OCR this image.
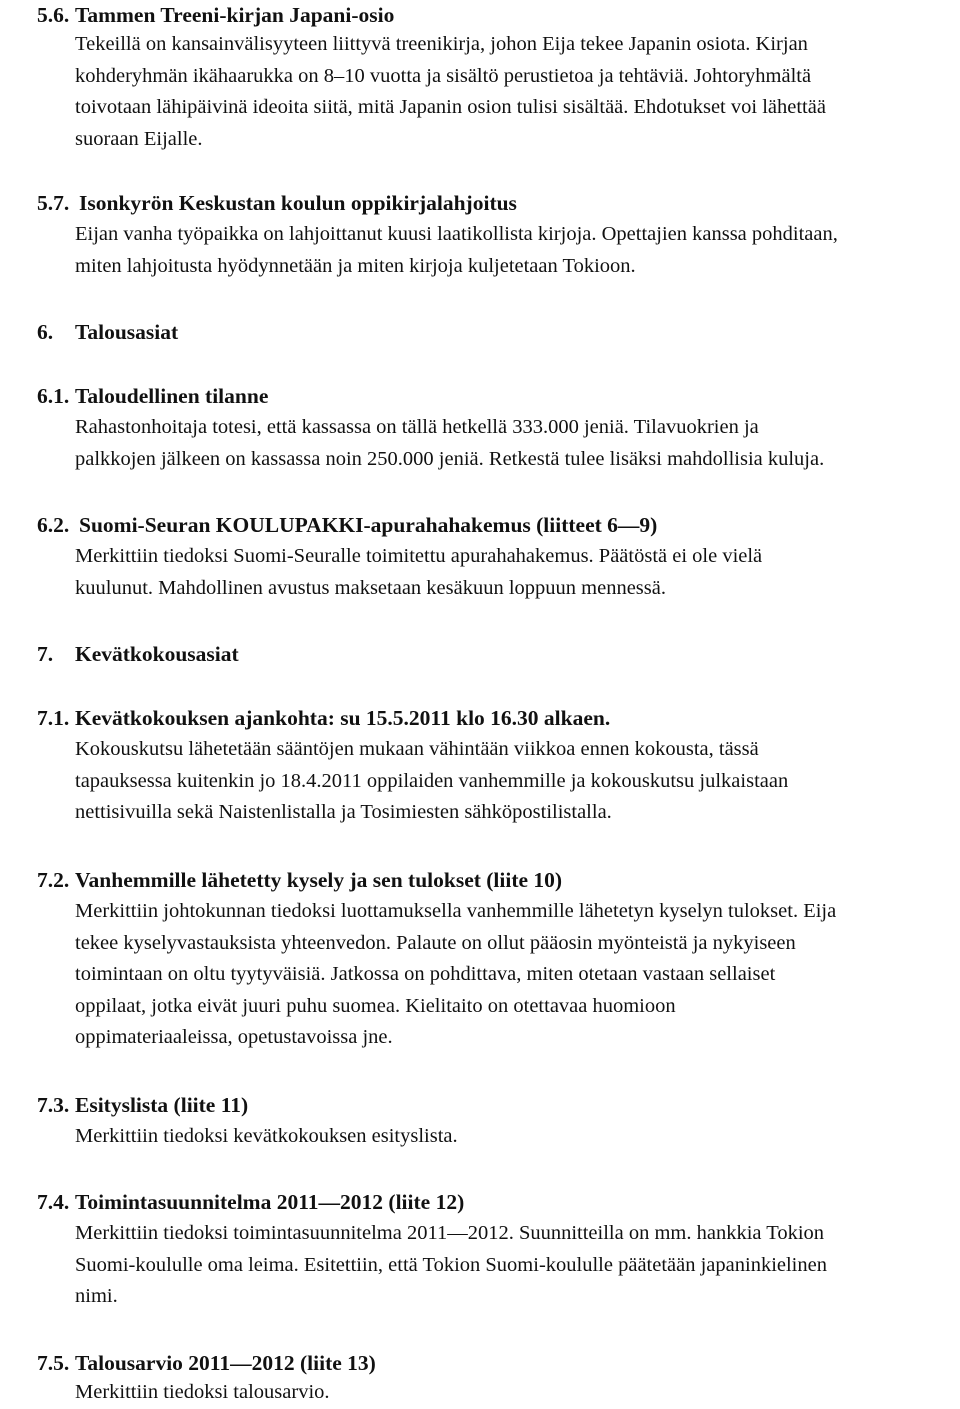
5.6. Tammen Treeni-kirjan Japani-osio
Tekeillä on kansainvälisyyteen liittyvä treenikirja, johon Eija tekee Japanin osiota. Kirjan
kohderyhmän ikähaarukka on 8–10 vuotta ja sisältö perustietoa ja tehtäviä. Johtoryhmältä
toivotaan lähipäivinä ideoita siitä, mitä Japanin osion tulisi sisältää. Ehdotukset voi lähettää
suoraan Eijalle.
5.7. Isonkyrön Keskustan koulun oppikirjalahjoitus
Eijan vanha työpaikka on lahjoittanut kuusi laatikollista kirjoja. Opettajien kanssa pohditaan,
miten lahjoitusta hyödynnetään ja miten kirjoja kuljetetaan Tokioon.
6. Talousasiat
6.1. Taloudellinen tilanne
Rahastonhoitaja totesi, että kassassa on tällä hetkellä 333.000 jeniä. Tilavuokrien ja
palkkojen jälkeen on kassassa noin 250.000 jeniä. Retkestä tulee lisäksi mahdollisia kuluja.
6.2. Suomi-Seuran KOULUPAKKI-apurahahakemus (liitteet 6—9)
Merkittiin tiedoksi Suomi-Seuralle toimitettu apurahahakemus. Päätöstä ei ole vielä
kuulunut. Mahdollinen avustus maksetaan kesäkuun loppuun mennessä.
7. Kevätkokousasiat
7.1. Kevätkokouksen ajankohta: su 15.5.2011 klo 16.30 alkaen.
Kokouskutsu lähetetään sääntöjen mukaan vähintään viikkoa ennen kokousta, tässä
tapauksessa kuitenkin jo 18.4.2011 oppilaiden vanhemmille ja kokouskutsu julkaistaan
nettisivuilla sekä Naistenlistalla ja Tosimiesten sähköpostilistalla.
7.2. Vanhemmille lähetetty kysely ja sen tulokset (liite 10)
Merkittiin johtokunnan tiedoksi luottamuksella vanhemmille lähetetyn kyselyn tulokset. Eija
tekee kyselyvastauksista yhteenvedon. Palaute on ollut pääosin myönteistä ja nykyiseen
toimintaan on oltu tyytyväisiä. Jatkossa on pohdittava, miten otetaan vastaan sellaiset
oppilaat, jotka eivät juuri puhu suomea. Kielitaito on otettavaa huomioon
oppimateriaaleissa, opetustavoissa jne.
7.3. Esityslista (liite 11)
Merkittiin tiedoksi kevätkokouksen esityslista.
7.4. Toimintasuunnitelma 2011—2012 (liite 12)
Merkittiin tiedoksi toimintasuunnitelma 2011—2012. Suunnitteilla on mm. hankkia Tokion
Suomi-koululle oma leima. Esitettiin, että Tokion Suomi-koululle päätetään japaninkielinen
nimi.
7.5. Talousarvio 2011—2012 (liite 13)
Merkittiin tiedoksi talousarvio.
